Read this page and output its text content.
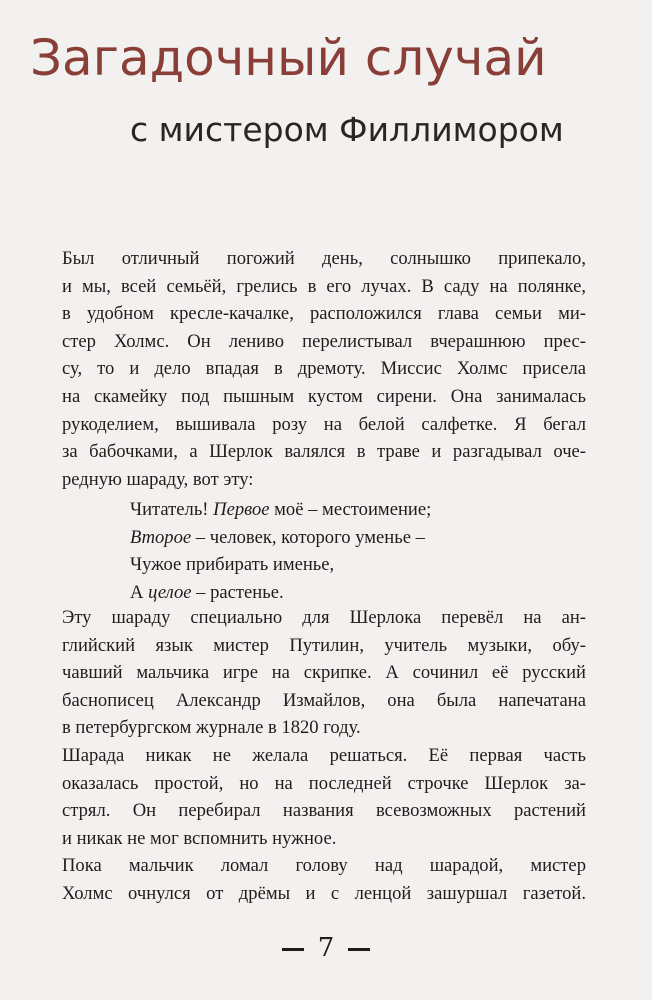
Загадочный случай
с мистером Филлимором
Был отличный погожий день, солнышко припекало,
и мы, всей семьёй, грелись в его лучах. В саду на полянке,
в удобном кресле-качалке, расположился глава семьи ми-
стер Холмс. Он лениво перелистывал вчерашнюю прес-
су, то и дело впадая в дремоту. Миссис Холмс присела
на скамейку под пышным кустом сирени. Она занималась
рукоделием, вышивала розу на белой салфетке. Я бегал
за бабочками, а Шерлок валялся в траве и разгадывал оче-
редную шараду, вот эту:
Читатель! Первое моё – местоимение;
Второе – человек, которого уменье –
Чужое прибирать именье,
А целое – растенье.
Эту шараду специально для Шерлока перевёл на ан-
глийский язык мистер Путилин, учитель музыки, обу-
чавший мальчика игре на скрипке. А сочинил её русский
баснописец Александр Измайлов, она была напечатана
в петербургском журнале в 1820 году.
Шарада никак не желала решаться. Её первая часть
оказалась простой, но на последней строчке Шерлок за-
стрял. Он перебирал названия всевозможных растений
и никак не мог вспомнить нужное.
Пока мальчик ломал голову над шарадой, мистер
Холмс очнулся от дрёмы и с ленцой зашуршал газетой.
7
